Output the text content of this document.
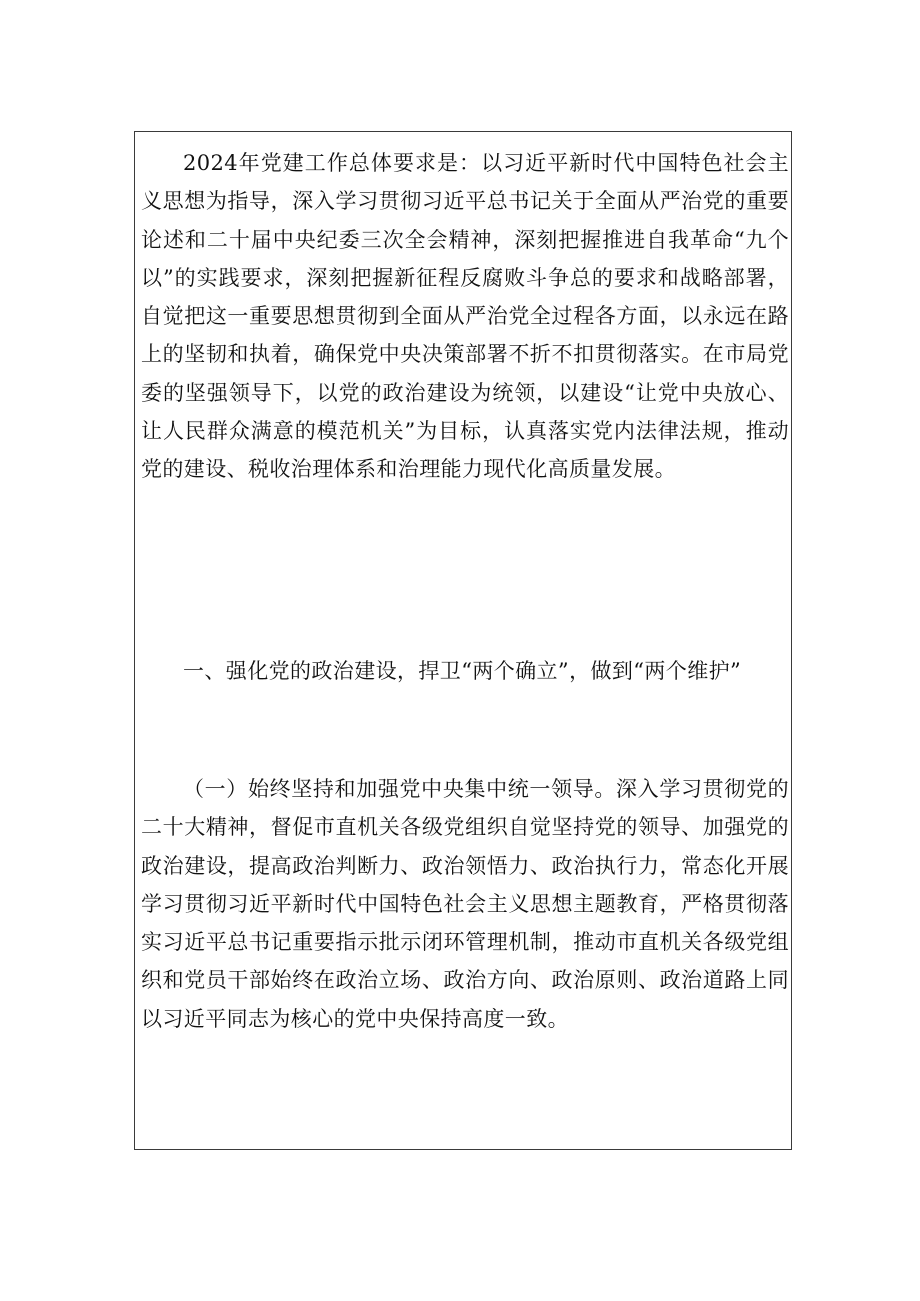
2024年党建工作总体要求是：以习近平新时代中国特色社会主义思想为指导，深入学习贯彻习近平总书记关于全面从严治党的重要论述和二十届中央纪委三次全会精神，深刻把握推进自我革命“九个以”的实践要求，深刻把握新征程反腐败斗争总的要求和战略部署，自觉把这一重要思想贯彻到全面从严治党全过程各方面，以永远在路上的坚韧和执着，确保党中央决策部署不折不扣贯彻落实。在市局党委的坚强领导下，以党的政治建设为统领，以建设“让党中央放心、让人民群众满意的模范机关”为目标，认真落实党内法律法规，推动党的建设、税收治理体系和治理能力现代化高质量发展。

一、强化党的政治建设，捍卫“两个确立”，做到“两个维护”

（一）始终坚持和加强党中央集中统一领导。深入学习贯彻党的二十大精神，督促市直机关各级党组织自觉坚持党的领导、加强党的政治建设，提高政治判断力、政治领悟力、政治执行力，常态化开展学习贯彻习近平新时代中国特色社会主义思想主题教育，严格贯彻落实习近平总书记重要指示批示闭环管理机制，推动市直机关各级党组织和党员干部始终在政治立场、政治方向、政治原则、政治道路上同以习近平同志为核心的党中央保持高度一致。
